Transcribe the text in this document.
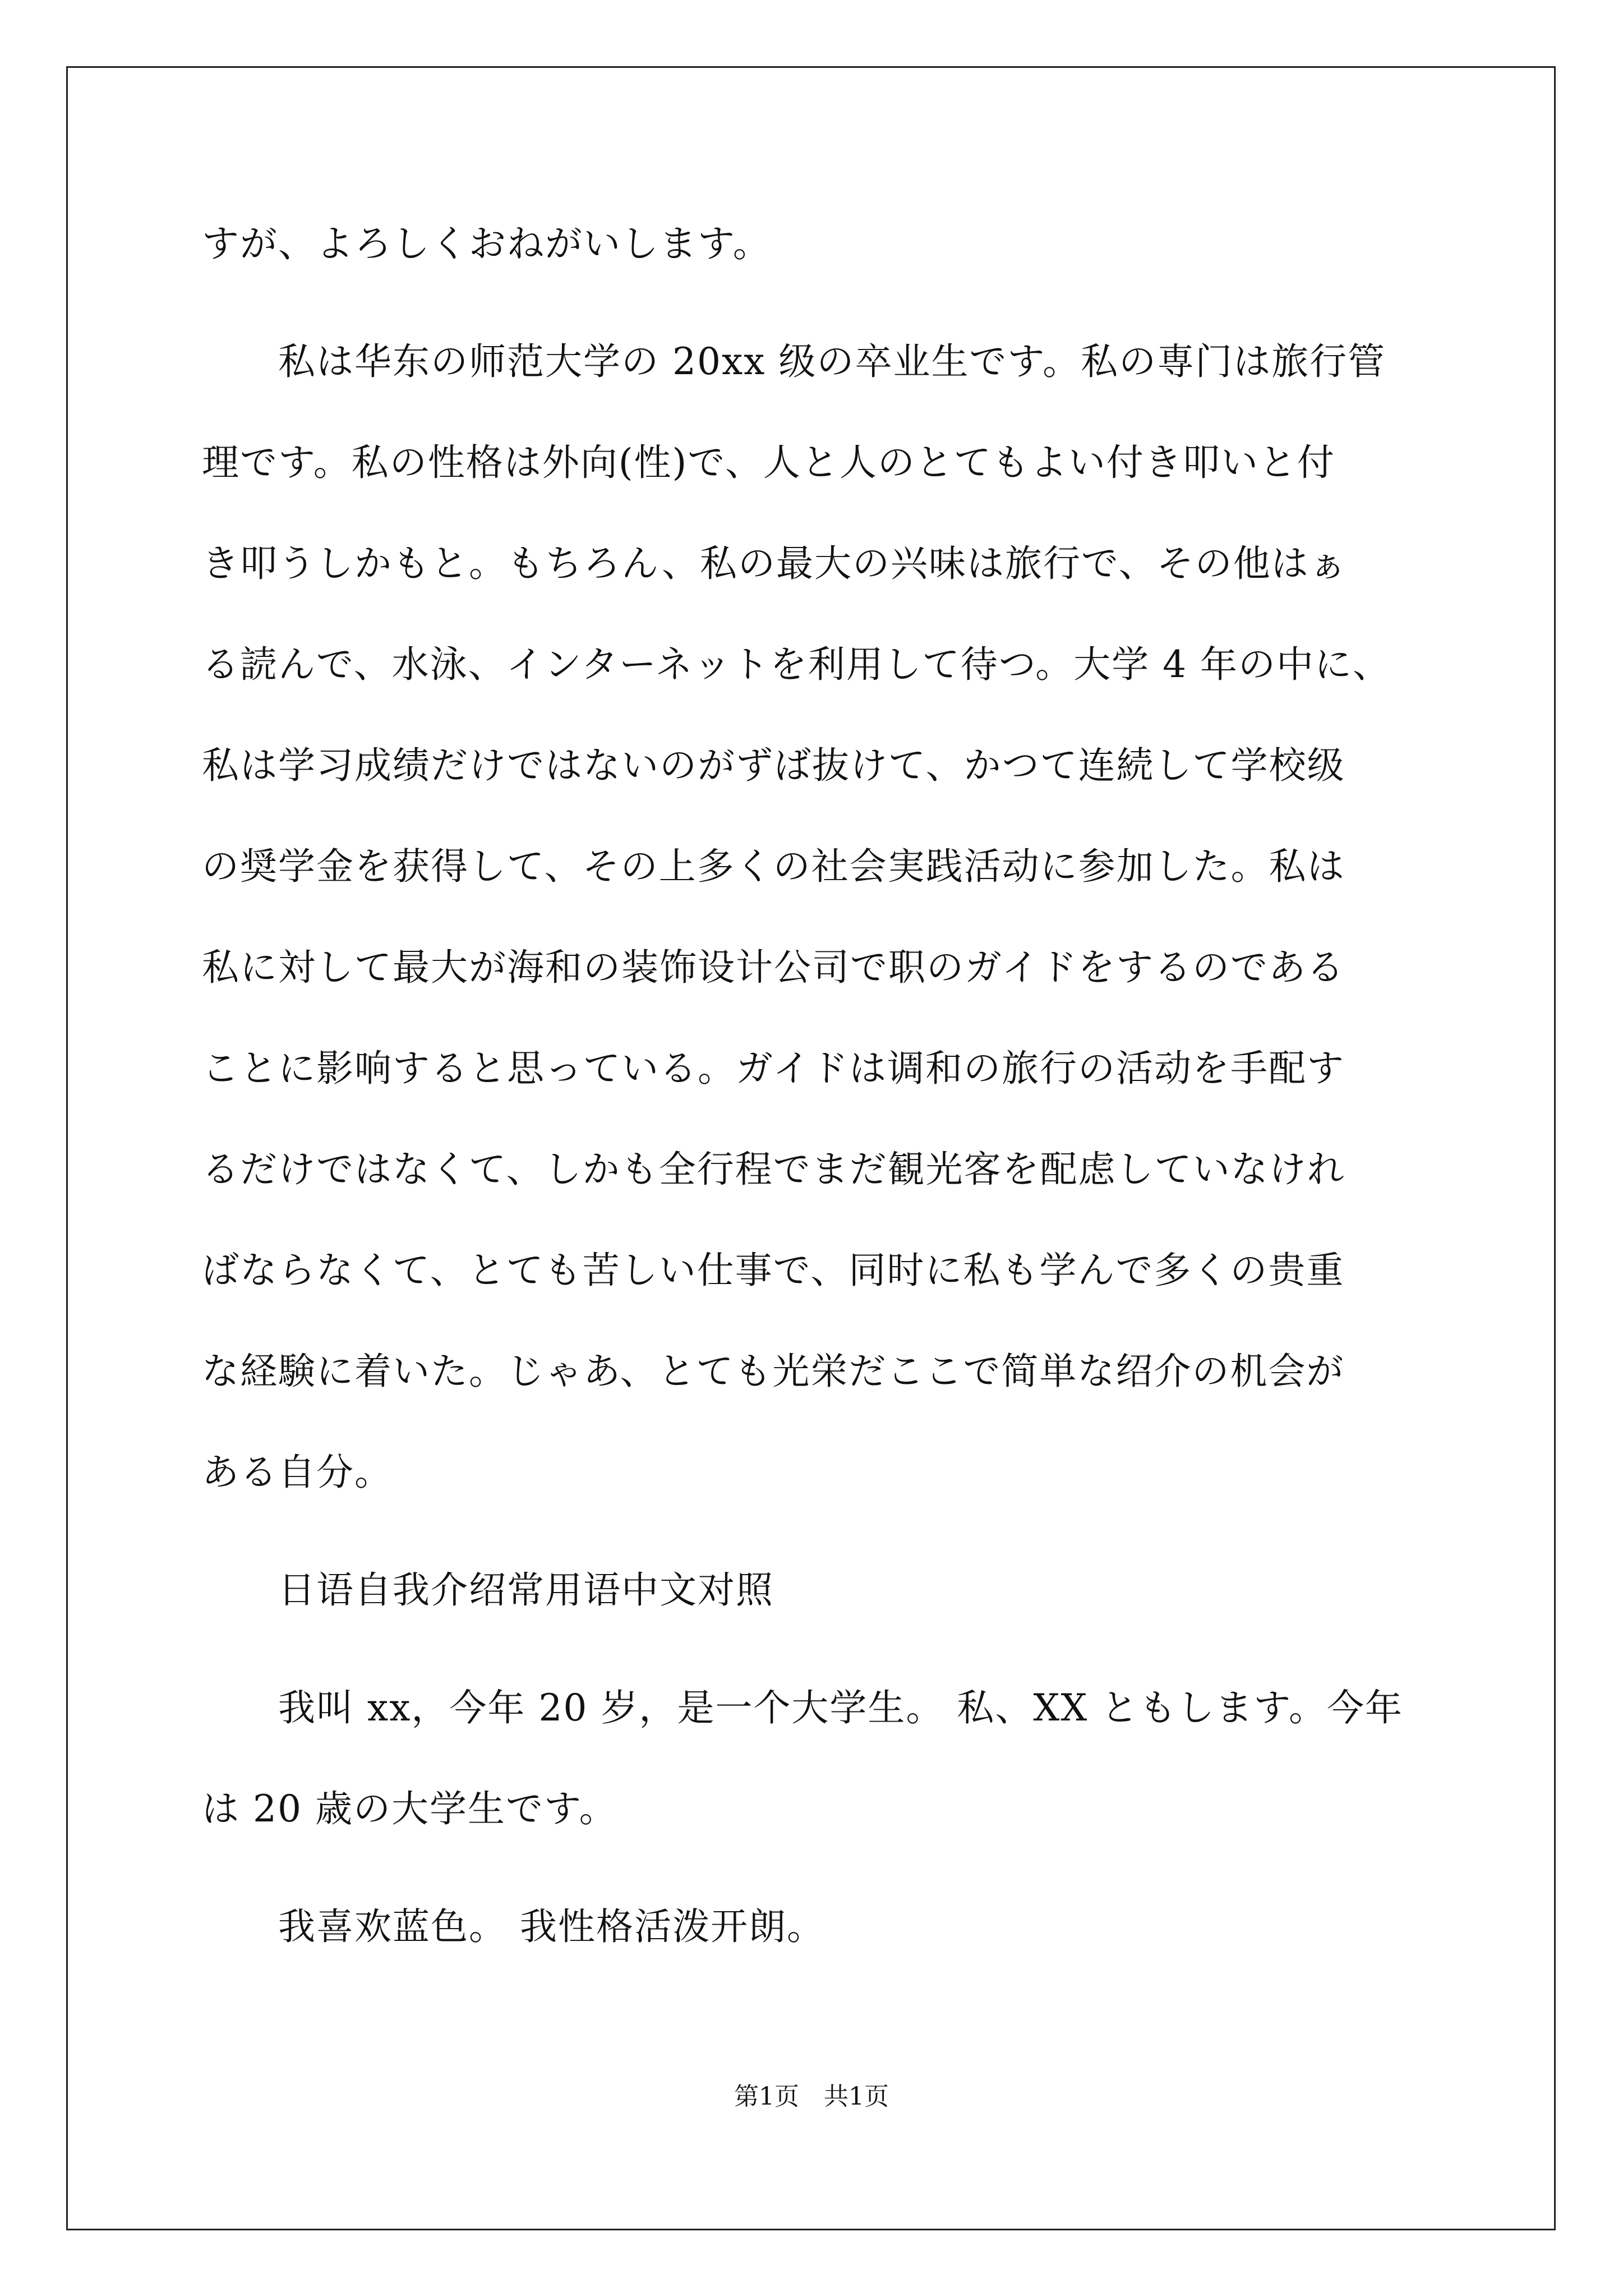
すが、よろしくおねがいします。
　　私は华东の师范大学の 20xx 级の卒业生です。私の専门は旅行管
理です。私の性格は外向(性)で、人と人のとてもよい付き叩いと付
き叩うしかもと。もちろん、私の最大の兴味は旅行で、その他はぁ
る読んで、水泳、インターネットを利用して待つ。大学 4 年の中に、
私は学习成绩だけではないのがずば抜けて、かつて连続して学校级
の奨学金を获得して、その上多くの社会実践活动に参加した。私は
私に対して最大が海和の装饰设计公司で职のガイドをするのである
ことに影响すると思っている。ガイドは调和の旅行の活动を手配す
るだけではなくて、しかも全行程でまだ観光客を配虑していなけれ
ばならなくて、とても苦しい仕事で、同时に私も学んで多くの贵重
な経験に着いた。じゃあ、とても光栄だここで简単な绍介の机会が
ある自分。
　　日语自我介绍常用语中文对照
　　我叫 xx，今年 20 岁，是一个大学生。 私、XX ともします。今年
は 20 歳の大学生です。
　　我喜欢蓝色。 我性格活泼开朗。
第1页　共1页
